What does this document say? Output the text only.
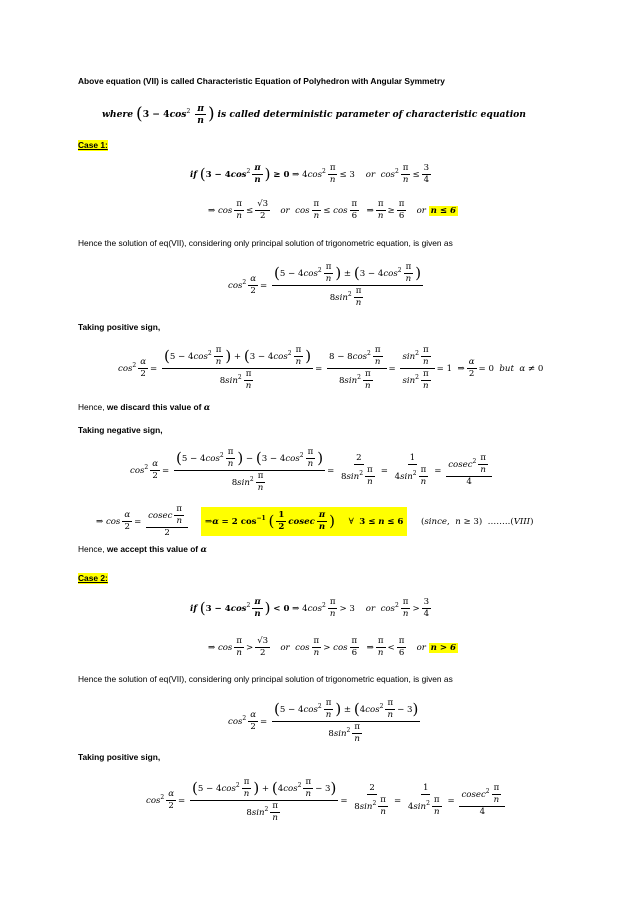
Above equation (VII) is called Characteristic Equation of Polyhedron with Angular Symmetry
where ($3 - 4\cos^2 \frac{\pi}{n}$ ) is called deterministic parameter of characteristic equation
Case 1:
if ($3 - 4\cos^2 \frac{\pi}{n}$ ) ≥ 0 ⇒ $4\cos^2 \frac{\pi}{n} \le 3$    or $\cos^2 \frac{\pi}{n} \le \frac{3}{4}$
⇒ $\cos \frac{\pi}{n} \le \frac{√3}{2}$ or $\cos \frac{\pi}{n} \le \cos \frac{\pi}{6}$ ⇒ $\frac{\pi}{n} \ge \frac{\pi}{6}$ or n ≤ 6
Hence the solution of eq(VII), considering only principal solution of trigonometric equation, is given as
$\cos^2 \frac{\alpha}{2} = \frac{(5 - 4\cos^2 \frac{\pi}{n} ) \pm (3 - 4\cos^2 \frac{\pi}{n} )}{8\sin^2 \frac{\pi}{n}}$
Taking positive sign,
$\cos^2 \frac{\alpha}{2} = \frac{(5 - 4\cos^2 \frac{\pi}{n} ) + (3 - 4\cos^2 \frac{\pi}{n} )}{8\sin^2 \frac{\pi}{n}} = \frac{8 - 8\cos^2 \frac{\pi}{n}}{8\sin^2 \frac{\pi}{n}} = \frac{\sin^2 \frac{\pi}{n}}{\sin^2 \frac{\pi}{n}} = 1$  ⇒ $\frac{\alpha}{2} = 0$  but α ≠ 0
Hence, we discard this value of α
Taking negative sign,
$\cos^2 \frac{\alpha}{2} = \frac{(5 - 4\cos^2 \frac{\pi}{n} ) - (3 - 4\cos^2 \frac{\pi}{n} )}{8\sin^2 \frac{\pi}{n}} = \frac{2}{8\sin^2 \frac{\pi}{n}} = \frac{1}{4\sin^2 \frac{\pi}{n}} = \frac{cosec^2 \frac{\pi}{n}}{4}$
⇒ $\cos \frac{\alpha}{2} = \frac{cosec \frac{\pi}{n}}{2}$ ⇒α = 2 $\cos^{-1}$ ( $\frac{1}{2}$ cosec $\frac{\pi}{n}$ )     ∀  3 ≤ n ≤ 6     (since,  n ≥ 3)  ……..(VIII)
Hence, we accept this value of α
Case 2:
if ($3 - 4\cos^2 \frac{\pi}{n}$ ) < 0 ⇒ $4\cos^2 \frac{\pi}{n} > 3$    or $\cos^2 \frac{\pi}{n} > \frac{3}{4}$
⇒ $\cos \frac{\pi}{n} > \frac{√3}{2}$ or $\cos \frac{\pi}{n} > \cos \frac{\pi}{6}$ ⇒ $\frac{\pi}{n} < \frac{\pi}{6}$ or n > 6
Hence the solution of eq(VII), considering only principal solution of trigonometric equation, is given as
$\cos^2 \frac{\alpha}{2} = \frac{(5 - 4\cos^2 \frac{\pi}{n} ) \pm (4\cos^2 \frac{\pi}{n} - 3)}{8\sin^2 \frac{\pi}{n}}$
Taking positive sign,
$\cos^2 \frac{\alpha}{2} = \frac{(5 - 4\cos^2 \frac{\pi}{n} ) + (4\cos^2 \frac{\pi}{n} - 3)}{8\sin^2 \frac{\pi}{n}} = \frac{2}{8\sin^2 \frac{\pi}{n}} = \frac{1}{4\sin^2 \frac{\pi}{n}} = \frac{cosec^2 \frac{\pi}{n}}{4}$
